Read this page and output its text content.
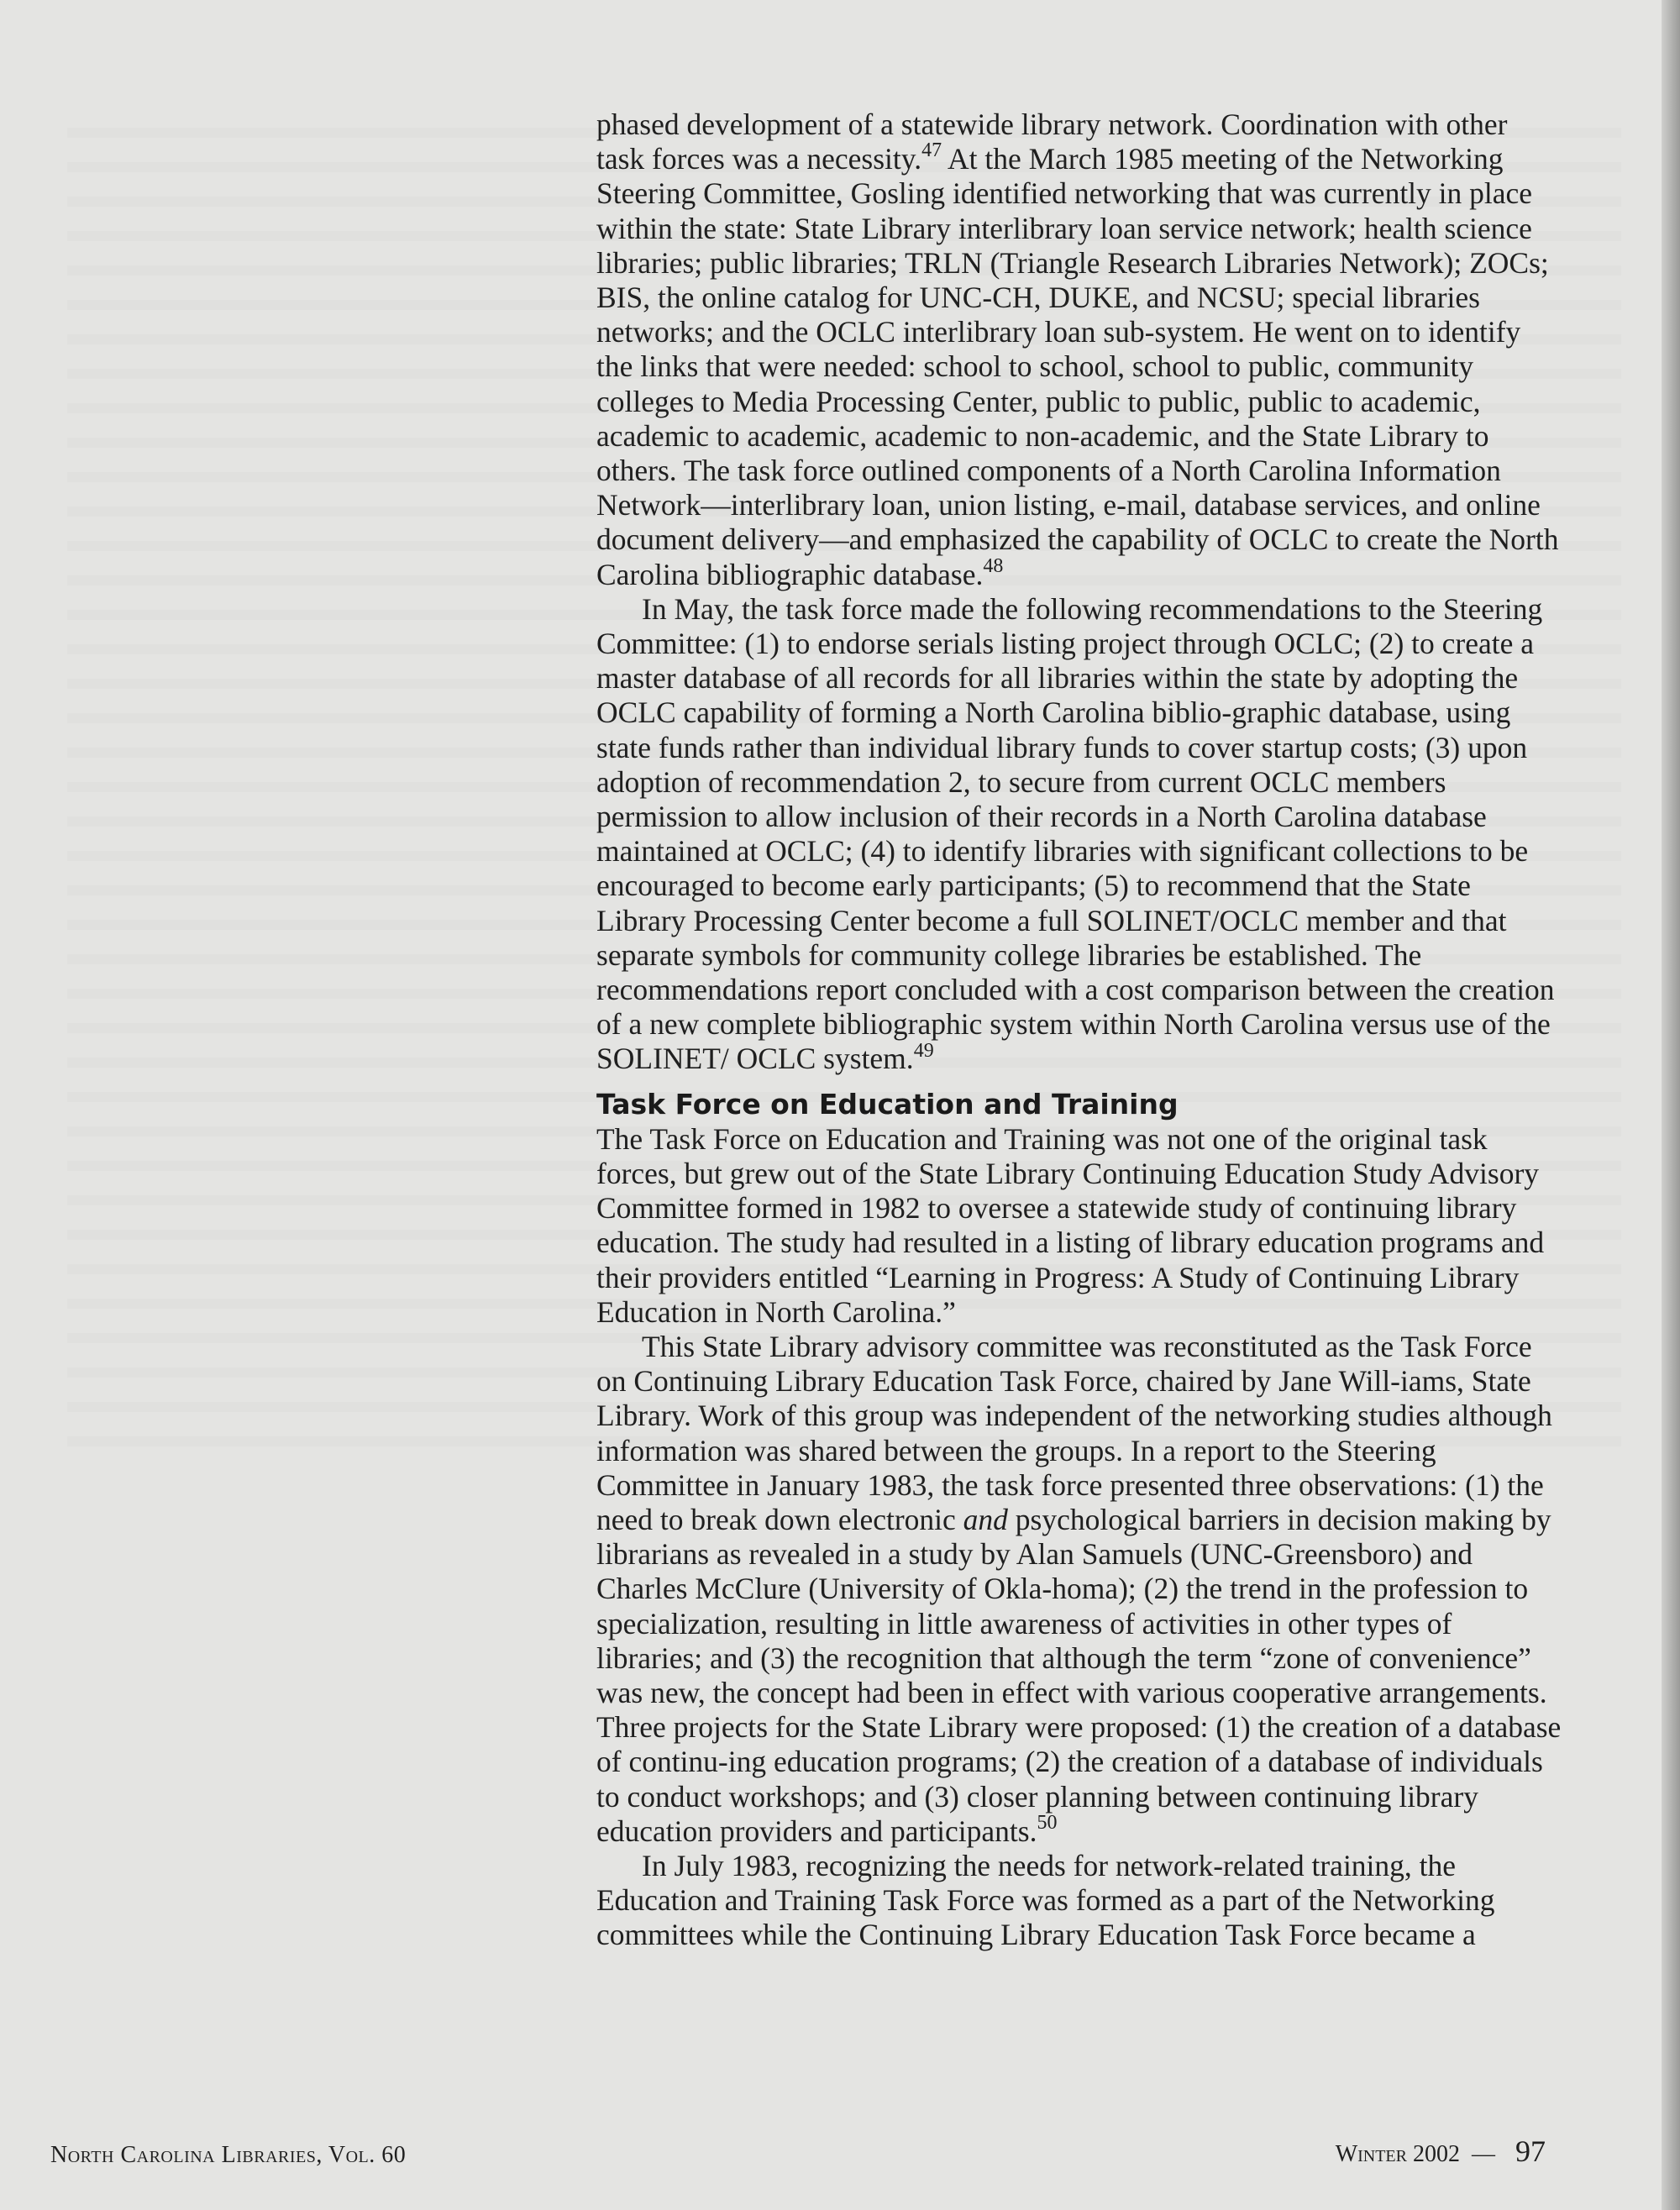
phased development of a statewide library network. Coordination with other task forces was a necessity.$^{47}$ At the March 1985 meeting of the Networking Steering Committee, Gosling identified networking that was currently in place within the state: State Library interlibrary loan service network; health science libraries; public libraries; TRLN (Triangle Research Libraries Network); ZOCs; BIS, the online catalog for UNC-CH, DUKE, and NCSU; special libraries networks; and the OCLC interlibrary loan sub-system. He went on to identify the links that were needed: school to school, school to public, community colleges to Media Processing Center, public to public, public to academic, academic to academic, academic to non-academic, and the State Library to others. The task force outlined components of a North Carolina Information Network—interlibrary loan, union listing, e-mail, database services, and online document delivery—and emphasized the capability of OCLC to create the North Carolina bibliographic database.$^{48}$

In May, the task force made the following recommendations to the Steering Committee: (1) to endorse serials listing project through OCLC; (2) to create a master database of all records for all libraries within the state by adopting the OCLC capability of forming a North Carolina biblio-graphic database, using state funds rather than individual library funds to cover startup costs; (3) upon adoption of recommendation 2, to secure from current OCLC members permission to allow inclusion of their records in a North Carolina database maintained at OCLC; (4) to identify libraries with significant collections to be encouraged to become early participants; (5) to recommend that the State Library Processing Center become a full SOLINET/OCLC member and that separate symbols for community college libraries be established. The recommendations report concluded with a cost comparison between the creation of a new complete bibliographic system within North Carolina versus use of the SOLINET/ OCLC system.$^{49}$

Task Force on Education and Training

The Task Force on Education and Training was not one of the original task forces, but grew out of the State Library Continuing Education Study Advisory Committee formed in 1982 to oversee a statewide study of continuing library education. The study had resulted in a listing of library education programs and their providers entitled “Learning in Progress: A Study of Continuing Library Education in North Carolina.”

This State Library advisory committee was reconstituted as the Task Force on Continuing Library Education Task Force, chaired by Jane Will-iams, State Library. Work of this group was independent of the networking studies although information was shared between the groups. In a report to the Steering Committee in January 1983, the task force presented three observations: (1) the need to break down electronic and psychological barriers in decision making by librarians as revealed in a study by Alan Samuels (UNC-Greensboro) and Charles McClure (University of Okla-homa); (2) the trend in the profession to specialization, resulting in little awareness of activities in other types of libraries; and (3) the recognition that although the term “zone of convenience” was new, the concept had been in effect with various cooperative arrangements. Three projects for the State Library were proposed: (1) the creation of a database of continu-ing education programs; (2) the creation of a database of individuals to conduct workshops; and (3) closer planning between continuing library education providers and participants.$^{50}$

In July 1983, recognizing the needs for network-related training, the Education and Training Task Force was formed as a part of the Networking committees while the Continuing Library Education Task Force became a

North Carolina Libraries, Vol. 60	Winter 2002 — 97
